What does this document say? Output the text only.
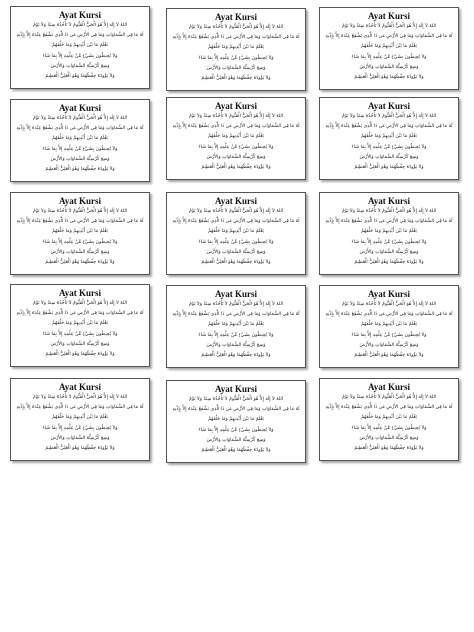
Ayat Kursi
اللهُ لاَ إِلَهَ إِلاَّ هُوَ الْحَيُّ الْقَيُّومُ لاَ تَأْخُذُهُ سِنَةٌ وَلاَ نَوْمٌ
لَهُ مَا فِي السَّمَاوَاتِ وَمَا فِي الأَرْضِ مَن ذَا الَّذِي يَشْفَعُ عِنْدَهُ إِلاَّ بِإِذْنِهِ
يَعْلَمُ مَا بَيْنَ أَيْدِيهِمْ وَمَا خَلْفَهُمْ
وَلاَ يُحِيطُونَ بِشَيْءٍ مِّنْ عِلْمِهِ إِلاَّ بِمَا شَاءَ
وَسِعَ كُرْسِيُّهُ السَّمَاوَاتِ وَالأَرْضَ
وَلاَ يَؤُودُهُ حِفْظُهُمَا وَهُوَ الْعَلِيُّ الْعَظِيمُ
Ayat Kursi
اللهُ لاَ إِلَهَ إِلاَّ هُوَ الْحَيُّ الْقَيُّومُ لاَ تَأْخُذُهُ سِنَةٌ وَلاَ نَوْمٌ
لَهُ مَا فِي السَّمَاوَاتِ وَمَا فِي الأَرْضِ مَن ذَا الَّذِي يَشْفَعُ عِنْدَهُ إِلاَّ بِإِذْنِهِ
يَعْلَمُ مَا بَيْنَ أَيْدِيهِمْ وَمَا خَلْفَهُمْ
وَلاَ يُحِيطُونَ بِشَيْءٍ مِّنْ عِلْمِهِ إِلاَّ بِمَا شَاءَ
وَسِعَ كُرْسِيُّهُ السَّمَاوَاتِ وَالأَرْضَ
وَلاَ يَؤُودُهُ حِفْظُهُمَا وَهُوَ الْعَلِيُّ الْعَظِيمُ
Ayat Kursi
اللهُ لاَ إِلَهَ إِلاَّ هُوَ الْحَيُّ الْقَيُّومُ لاَ تَأْخُذُهُ سِنَةٌ وَلاَ نَوْمٌ
لَهُ مَا فِي السَّمَاوَاتِ وَمَا فِي الأَرْضِ مَن ذَا الَّذِي يَشْفَعُ عِنْدَهُ إِلاَّ بِإِذْنِهِ
يَعْلَمُ مَا بَيْنَ أَيْدِيهِمْ وَمَا خَلْفَهُمْ
وَلاَ يُحِيطُونَ بِشَيْءٍ مِّنْ عِلْمِهِ إِلاَّ بِمَا شَاءَ
وَسِعَ كُرْسِيُّهُ السَّمَاوَاتِ وَالأَرْضَ
وَلاَ يَؤُودُهُ حِفْظُهُمَا وَهُوَ الْعَلِيُّ الْعَظِيمُ
Ayat Kursi
اللهُ لاَ إِلَهَ إِلاَّ هُوَ الْحَيُّ الْقَيُّومُ لاَ تَأْخُذُهُ سِنَةٌ وَلاَ نَوْمٌ
لَهُ مَا فِي السَّمَاوَاتِ وَمَا فِي الأَرْضِ مَن ذَا الَّذِي يَشْفَعُ عِنْدَهُ إِلاَّ بِإِذْنِهِ
يَعْلَمُ مَا بَيْنَ أَيْدِيهِمْ وَمَا خَلْفَهُمْ
وَلاَ يُحِيطُونَ بِشَيْءٍ مِّنْ عِلْمِهِ إِلاَّ بِمَا شَاءَ
وَسِعَ كُرْسِيُّهُ السَّمَاوَاتِ وَالأَرْضَ
وَلاَ يَؤُودُهُ حِفْظُهُمَا وَهُوَ الْعَلِيُّ الْعَظِيمُ
Ayat Kursi
اللهُ لاَ إِلَهَ إِلاَّ هُوَ الْحَيُّ الْقَيُّومُ لاَ تَأْخُذُهُ سِنَةٌ وَلاَ نَوْمٌ
لَهُ مَا فِي السَّمَاوَاتِ وَمَا فِي الأَرْضِ مَن ذَا الَّذِي يَشْفَعُ عِنْدَهُ إِلاَّ بِإِذْنِهِ
يَعْلَمُ مَا بَيْنَ أَيْدِيهِمْ وَمَا خَلْفَهُمْ
وَلاَ يُحِيطُونَ بِشَيْءٍ مِّنْ عِلْمِهِ إِلاَّ بِمَا شَاءَ
وَسِعَ كُرْسِيُّهُ السَّمَاوَاتِ وَالأَرْضَ
وَلاَ يَؤُودُهُ حِفْظُهُمَا وَهُوَ الْعَلِيُّ الْعَظِيمُ
Ayat Kursi
اللهُ لاَ إِلَهَ إِلاَّ هُوَ الْحَيُّ الْقَيُّومُ لاَ تَأْخُذُهُ سِنَةٌ وَلاَ نَوْمٌ
لَهُ مَا فِي السَّمَاوَاتِ وَمَا فِي الأَرْضِ مَن ذَا الَّذِي يَشْفَعُ عِنْدَهُ إِلاَّ بِإِذْنِهِ
يَعْلَمُ مَا بَيْنَ أَيْدِيهِمْ وَمَا خَلْفَهُمْ
وَلاَ يُحِيطُونَ بِشَيْءٍ مِّنْ عِلْمِهِ إِلاَّ بِمَا شَاءَ
وَسِعَ كُرْسِيُّهُ السَّمَاوَاتِ وَالأَرْضَ
وَلاَ يَؤُودُهُ حِفْظُهُمَا وَهُوَ الْعَلِيُّ الْعَظِيمُ
Ayat Kursi
اللهُ لاَ إِلَهَ إِلاَّ هُوَ الْحَيُّ الْقَيُّومُ لاَ تَأْخُذُهُ سِنَةٌ وَلاَ نَوْمٌ
لَهُ مَا فِي السَّمَاوَاتِ وَمَا فِي الأَرْضِ مَن ذَا الَّذِي يَشْفَعُ عِنْدَهُ إِلاَّ بِإِذْنِهِ
يَعْلَمُ مَا بَيْنَ أَيْدِيهِمْ وَمَا خَلْفَهُمْ
وَلاَ يُحِيطُونَ بِشَيْءٍ مِّنْ عِلْمِهِ إِلاَّ بِمَا شَاءَ
وَسِعَ كُرْسِيُّهُ السَّمَاوَاتِ وَالأَرْضَ
وَلاَ يَؤُودُهُ حِفْظُهُمَا وَهُوَ الْعَلِيُّ الْعَظِيمُ
Ayat Kursi
اللهُ لاَ إِلَهَ إِلاَّ هُوَ الْحَيُّ الْقَيُّومُ لاَ تَأْخُذُهُ سِنَةٌ وَلاَ نَوْمٌ
لَهُ مَا فِي السَّمَاوَاتِ وَمَا فِي الأَرْضِ مَن ذَا الَّذِي يَشْفَعُ عِنْدَهُ إِلاَّ بِإِذْنِهِ
يَعْلَمُ مَا بَيْنَ أَيْدِيهِمْ وَمَا خَلْفَهُمْ
وَلاَ يُحِيطُونَ بِشَيْءٍ مِّنْ عِلْمِهِ إِلاَّ بِمَا شَاءَ
وَسِعَ كُرْسِيُّهُ السَّمَاوَاتِ وَالأَرْضَ
وَلاَ يَؤُودُهُ حِفْظُهُمَا وَهُوَ الْعَلِيُّ الْعَظِيمُ
Ayat Kursi
اللهُ لاَ إِلَهَ إِلاَّ هُوَ الْحَيُّ الْقَيُّومُ لاَ تَأْخُذُهُ سِنَةٌ وَلاَ نَوْمٌ
لَهُ مَا فِي السَّمَاوَاتِ وَمَا فِي الأَرْضِ مَن ذَا الَّذِي يَشْفَعُ عِنْدَهُ إِلاَّ بِإِذْنِهِ
يَعْلَمُ مَا بَيْنَ أَيْدِيهِمْ وَمَا خَلْفَهُمْ
وَلاَ يُحِيطُونَ بِشَيْءٍ مِّنْ عِلْمِهِ إِلاَّ بِمَا شَاءَ
وَسِعَ كُرْسِيُّهُ السَّمَاوَاتِ وَالأَرْضَ
وَلاَ يَؤُودُهُ حِفْظُهُمَا وَهُوَ الْعَلِيُّ الْعَظِيمُ
Ayat Kursi
اللهُ لاَ إِلَهَ إِلاَّ هُوَ الْحَيُّ الْقَيُّومُ لاَ تَأْخُذُهُ سِنَةٌ وَلاَ نَوْمٌ
لَهُ مَا فِي السَّمَاوَاتِ وَمَا فِي الأَرْضِ مَن ذَا الَّذِي يَشْفَعُ عِنْدَهُ إِلاَّ بِإِذْنِهِ
يَعْلَمُ مَا بَيْنَ أَيْدِيهِمْ وَمَا خَلْفَهُمْ
وَلاَ يُحِيطُونَ بِشَيْءٍ مِّنْ عِلْمِهِ إِلاَّ بِمَا شَاءَ
وَسِعَ كُرْسِيُّهُ السَّمَاوَاتِ وَالأَرْضَ
وَلاَ يَؤُودُهُ حِفْظُهُمَا وَهُوَ الْعَلِيُّ الْعَظِيمُ
Ayat Kursi
اللهُ لاَ إِلَهَ إِلاَّ هُوَ الْحَيُّ الْقَيُّومُ لاَ تَأْخُذُهُ سِنَةٌ وَلاَ نَوْمٌ
لَهُ مَا فِي السَّمَاوَاتِ وَمَا فِي الأَرْضِ مَن ذَا الَّذِي يَشْفَعُ عِنْدَهُ إِلاَّ بِإِذْنِهِ
يَعْلَمُ مَا بَيْنَ أَيْدِيهِمْ وَمَا خَلْفَهُمْ
وَلاَ يُحِيطُونَ بِشَيْءٍ مِّنْ عِلْمِهِ إِلاَّ بِمَا شَاءَ
وَسِعَ كُرْسِيُّهُ السَّمَاوَاتِ وَالأَرْضَ
وَلاَ يَؤُودُهُ حِفْظُهُمَا وَهُوَ الْعَلِيُّ الْعَظِيمُ
Ayat Kursi
اللهُ لاَ إِلَهَ إِلاَّ هُوَ الْحَيُّ الْقَيُّومُ لاَ تَأْخُذُهُ سِنَةٌ وَلاَ نَوْمٌ
لَهُ مَا فِي السَّمَاوَاتِ وَمَا فِي الأَرْضِ مَن ذَا الَّذِي يَشْفَعُ عِنْدَهُ إِلاَّ بِإِذْنِهِ
يَعْلَمُ مَا بَيْنَ أَيْدِيهِمْ وَمَا خَلْفَهُمْ
وَلاَ يُحِيطُونَ بِشَيْءٍ مِّنْ عِلْمِهِ إِلاَّ بِمَا شَاءَ
وَسِعَ كُرْسِيُّهُ السَّمَاوَاتِ وَالأَرْضَ
وَلاَ يَؤُودُهُ حِفْظُهُمَا وَهُوَ الْعَلِيُّ الْعَظِيمُ
Ayat Kursi
اللهُ لاَ إِلَهَ إِلاَّ هُوَ الْحَيُّ الْقَيُّومُ لاَ تَأْخُذُهُ سِنَةٌ وَلاَ نَوْمٌ
لَهُ مَا فِي السَّمَاوَاتِ وَمَا فِي الأَرْضِ مَن ذَا الَّذِي يَشْفَعُ عِنْدَهُ إِلاَّ بِإِذْنِهِ
يَعْلَمُ مَا بَيْنَ أَيْدِيهِمْ وَمَا خَلْفَهُمْ
وَلاَ يُحِيطُونَ بِشَيْءٍ مِّنْ عِلْمِهِ إِلاَّ بِمَا شَاءَ
وَسِعَ كُرْسِيُّهُ السَّمَاوَاتِ وَالأَرْضَ
وَلاَ يَؤُودُهُ حِفْظُهُمَا وَهُوَ الْعَلِيُّ الْعَظِيمُ
Ayat Kursi
اللهُ لاَ إِلَهَ إِلاَّ هُوَ الْحَيُّ الْقَيُّومُ لاَ تَأْخُذُهُ سِنَةٌ وَلاَ نَوْمٌ
لَهُ مَا فِي السَّمَاوَاتِ وَمَا فِي الأَرْضِ مَن ذَا الَّذِي يَشْفَعُ عِنْدَهُ إِلاَّ بِإِذْنِهِ
يَعْلَمُ مَا بَيْنَ أَيْدِيهِمْ وَمَا خَلْفَهُمْ
وَلاَ يُحِيطُونَ بِشَيْءٍ مِّنْ عِلْمِهِ إِلاَّ بِمَا شَاءَ
وَسِعَ كُرْسِيُّهُ السَّمَاوَاتِ وَالأَرْضَ
وَلاَ يَؤُودُهُ حِفْظُهُمَا وَهُوَ الْعَلِيُّ الْعَظِيمُ
Ayat Kursi
اللهُ لاَ إِلَهَ إِلاَّ هُوَ الْحَيُّ الْقَيُّومُ لاَ تَأْخُذُهُ سِنَةٌ وَلاَ نَوْمٌ
لَهُ مَا فِي السَّمَاوَاتِ وَمَا فِي الأَرْضِ مَن ذَا الَّذِي يَشْفَعُ عِنْدَهُ إِلاَّ بِإِذْنِهِ
يَعْلَمُ مَا بَيْنَ أَيْدِيهِمْ وَمَا خَلْفَهُمْ
وَلاَ يُحِيطُونَ بِشَيْءٍ مِّنْ عِلْمِهِ إِلاَّ بِمَا شَاءَ
وَسِعَ كُرْسِيُّهُ السَّمَاوَاتِ وَالأَرْضَ
وَلاَ يَؤُودُهُ حِفْظُهُمَا وَهُوَ الْعَلِيُّ الْعَظِيمُ
